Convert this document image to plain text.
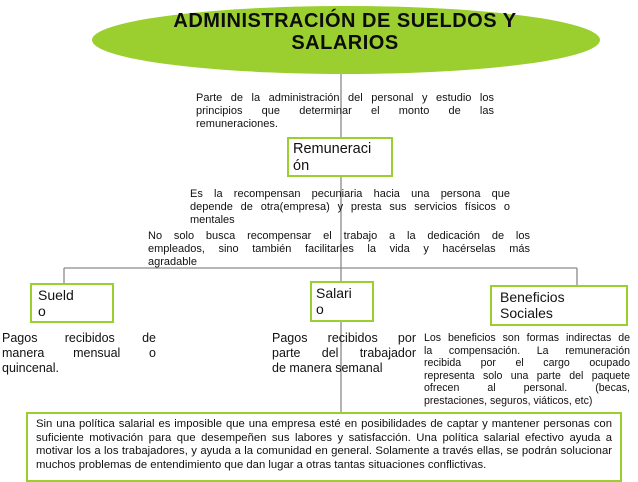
ADMINISTRACIÓN DE SUELDOS Y
SALARIOS
Parte de la administración del personal y estudio los
principios que determinar el monto de las
remuneraciones.
Remuneraci
ón
Es la recompensan pecuniaria hacia una persona que
depende de otra(empresa) y presta sus servicios físicos o
mentales
No solo busca recompensar el trabajo a la dedicación de los
empleados, sino también facilitarles la vida y hacérselas más
agradable
Sueld
o
Pagos recibidos de
manera mensual o
quincenal.
Salari
o
Pagos recibidos por
parte del trabajador
de manera semanal
Beneficios
Sociales
Los beneficios son formas indirectas de
la compensación. La remuneración
recibida por el cargo ocupado
representa solo una parte del paquete
ofrecen al personal. (becas,
prestaciones, seguros, viáticos, etc)
Sin una política salarial es imposible que una empresa esté en posibilidades de captar y mantener personas con suficiente motivación para que desempeñen sus labores y satisfacción. Una política salarial efectivo ayuda a motivar los a los trabajadores, y ayuda a la comunidad en general. Solamente a través ellas, se podrán solucionar muchos problemas de entendimiento que dan lugar a otras tantas situaciones conflictivas.
